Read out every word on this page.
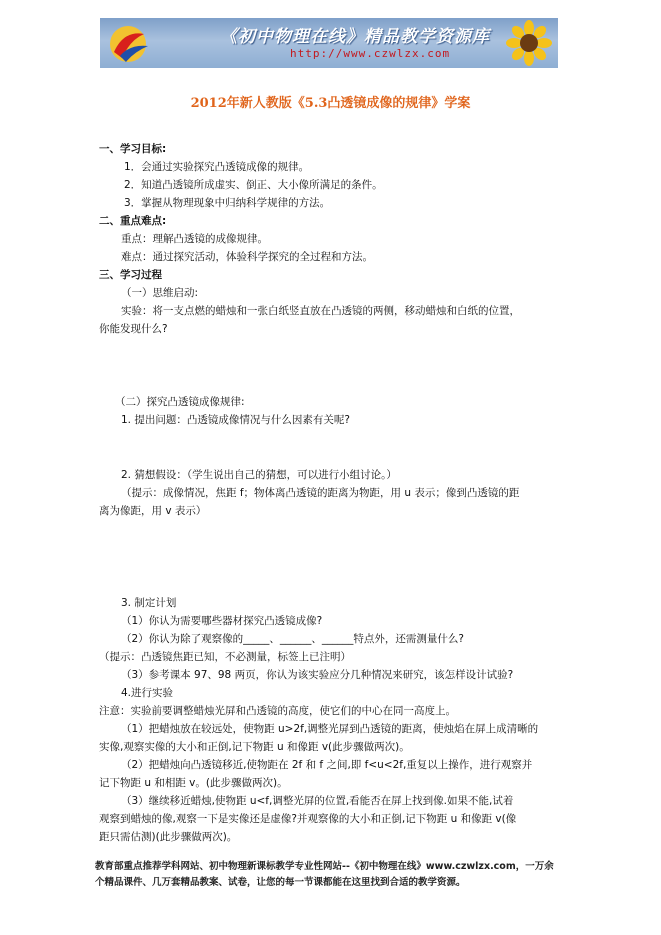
《初中物理在线》精品教学资源库
http://www.czwlzx.com
2012年新人教版《5.3凸透镜成像的规律》学案
一、学习目标:
1．会通过实验探究凸透镜成像的规律。
2．知道凸透镜所成虚实、倒正、大小像所满足的条件。
3．掌握从物理现象中归纳科学规律的方法。
二、重点难点:
重点：理解凸透镜的成像规律。
难点：通过探究活动，体验科学探究的全过程和方法。
三、学习过程
（一）思维启动:
实验：将一支点燃的蜡烛和一张白纸竖直放在凸透镜的两侧，移动蜡烛和白纸的位置，
你能发现什么?
（二）探究凸透镜成像规律:
1. 提出问题：凸透镜成像情况与什么因素有关呢?
2. 猜想假设：（学生说出自己的猜想，可以进行小组讨论。）
（提示：成像情况，焦距 f；物体离凸透镜的距离为物距，用 u 表示；像到凸透镜的距
离为像距，用 v 表示）
3. 制定计划
（1）你认为需要哪些器材探究凸透镜成像?
（2）你认为除了观察像的_____、______、______特点外，还需测量什么?
（提示：凸透镜焦距已知，不必测量，标签上已注明）
（3）参考课本 97、98 两页，你认为该实验应分几种情况来研究，该怎样设计试验?
4.进行实验
注意：实验前要调整蜡烛光屏和凸透镜的高度，使它们的中心在同一高度上。
（1）把蜡烛放在较远处，使物距 u>2f,调整光屏到凸透镜的距离，使烛焰在屏上成清晰的
实像,观察实像的大小和正倒,记下物距 u 和像距 v(此步骤做两次)。
（2）把蜡烛向凸透镜移近,使物距在 2f 和 f 之间,即 f<u<2f,重复以上操作，进行观察并
记下物距 u 和相距 v。(此步骤做两次)。
（3）继续移近蜡烛,使物距 u<f,调整光屏的位置,看能否在屏上找到像.如果不能,试着
观察到蜡烛的像,观察一下是实像还是虚像?并观察像的大小和正倒,记下物距 u 和像距 v(像
距只需估测)(此步骤做两次)。
教育部重点推荐学科网站、初中物理新课标教学专业性网站--《初中物理在线》www.czwlzx.com，一万余
个精品课件、几万套精品教案、试卷，让您的每一节课都能在这里找到合适的教学资源。
